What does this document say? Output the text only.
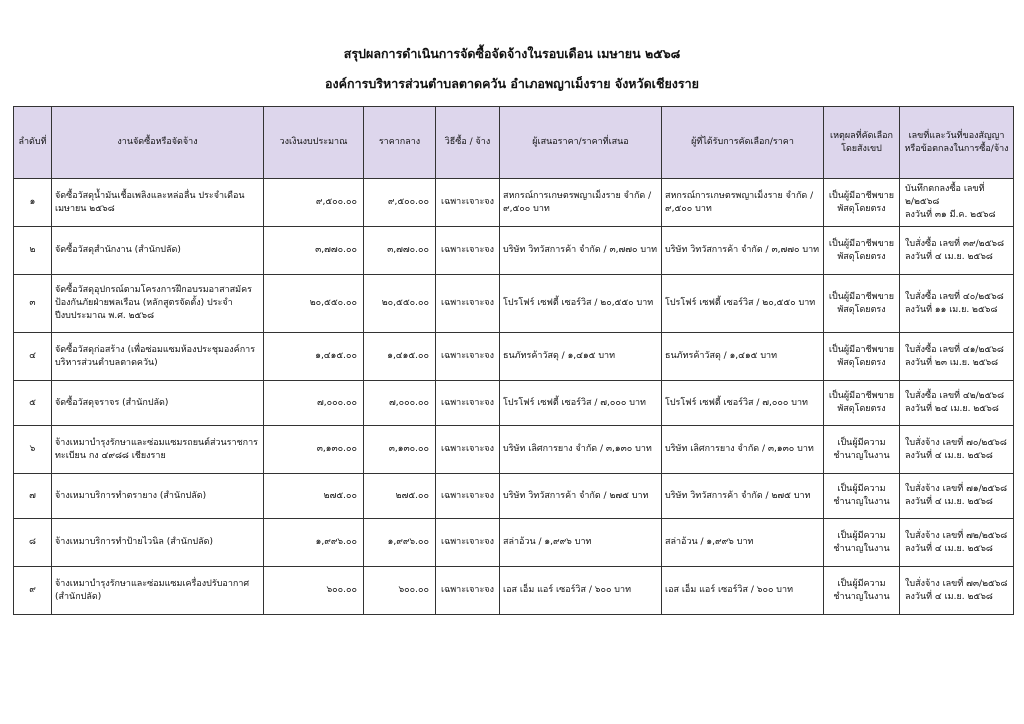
สรุปผลการดำเนินการจัดซื้อจัดจ้างในรอบเดือน เมษายน ๒๕๖๘
องค์การบริหารส่วนตำบลตาดควัน อำเภอพญาเม็งราย จังหวัดเชียงราย
ลำดับที่	งานจัดซื้อหรือจัดจ้าง	วงเงินงบประมาณ	ราคากลาง	วิธีซื้อ / จ้าง	ผู้เสนอราคา/ราคาที่เสนอ	ผู้ที่ได้รับการคัดเลือก/ราคา	เหตุผลที่คัดเลือกโดยสังเขป	เลขที่และวันที่ของสัญญาหรือข้อตกลงในการซื้อ/จ้าง
๑	จัดซื้อวัสดุน้ำมันเชื้อเพลิงและหล่อลื่น ประจำเดือน เมษายน ๒๕๖๘	๙,๕๐๐.๐๐	๙,๕๐๐.๐๐	เฉพาะเจาะจง	สหกรณ์การเกษตรพญาเม็งราย จำกัด / ๙,๕๐๐ บาท	สหกรณ์การเกษตรพญาเม็งราย จำกัด / ๙,๕๐๐ บาท	เป็นผู้มีอาชีพขายพัสดุโดยตรง	บันทึกตกลงซื้อ เลขที่ ๒/๒๕๖๘
ลงวันที่ ๓๑ มี.ค. ๒๕๖๘

๒	จัดซื้อวัสดุสำนักงาน (สำนักปลัด)	๓,๗๗๐.๐๐	๓,๗๗๐.๐๐	เฉพาะเจาะจง	บริษัท วิทวัสการค้า จำกัด / ๓,๗๗๐ บาท	บริษัท วิทวัสการค้า จำกัด / ๓,๗๗๐ บาท	เป็นผู้มีอาชีพขายพัสดุโดยตรง	ใบสั่งซื้อ เลขที่ ๓๙/๒๕๖๘
ลงวันที่ ๔ เม.ย. ๒๕๖๘

๓	จัดซื้อวัสดุอุปกรณ์ตามโครงการฝึกอบรมอาสาสมัครป้องกันภัยฝ่ายพลเรือน (หลักสูตรจัดตั้ง) ประจำปีงบประมาณ พ.ศ. ๒๕๖๘	๒๐,๕๕๐.๐๐	๒๐,๕๕๐.๐๐	เฉพาะเจาะจง	โปรโฟร์ เซฟตี้ เซอร์วิส / ๒๐,๕๕๐ บาท	โปรโฟร์ เซฟตี้ เซอร์วิส / ๒๐,๕๕๐ บาท	เป็นผู้มีอาชีพขายพัสดุโดยตรง	ใบสั่งซื้อ เลขที่ ๔๐/๒๕๖๘
ลงวันที่ ๑๑ เม.ย. ๒๕๖๘

๔	จัดซื้อวัสดุก่อสร้าง (เพื่อซ่อมแซมห้องประชุมองค์การบริหารส่วนตำบลตาดควัน)	๑,๔๑๕.๐๐	๑,๔๑๕.๐๐	เฉพาะเจาะจง	ธนภัทรค้าวัสดุ / ๑,๔๑๕ บาท	ธนภัทรค้าวัสดุ / ๑,๔๑๕ บาท	เป็นผู้มีอาชีพขายพัสดุโดยตรง	ใบสั่งซื้อ เลขที่ ๔๑/๒๕๖๘
ลงวันที่ ๒๓ เม.ย. ๒๕๖๘

๕	จัดซื้อวัสดุจราจร (สำนักปลัด)	๗,๐๐๐.๐๐	๗,๐๐๐.๐๐	เฉพาะเจาะจง	โปรโฟร์ เซฟตี้ เซอร์วิส / ๗,๐๐๐ บาท	โปรโฟร์ เซฟตี้ เซอร์วิส / ๗,๐๐๐ บาท	เป็นผู้มีอาชีพขายพัสดุโดยตรง	ใบสั่งซื้อ เลขที่ ๔๒/๒๕๖๘
ลงวันที่ ๒๔ เม.ย. ๒๕๖๘

๖	จ้างเหมาบำรุงรักษาและซ่อมแซมรถยนต์ส่วนราชการ ทะเบียน กง ๔๙๘๘ เชียงราย	๓,๑๓๐.๐๐	๓,๑๓๐.๐๐	เฉพาะเจาะจง	บริษัท เลิศการยาง จำกัด / ๓,๑๓๐ บาท	บริษัท เลิศการยาง จำกัด / ๓,๑๓๐ บาท	เป็นผู้มีความชำนาญในงาน	ใบสั่งจ้าง เลขที่ ๗๐/๒๕๖๘
ลงวันที่ ๔ เม.ย. ๒๕๖๘

๗	จ้างเหมาบริการทำตรายาง (สำนักปลัด)	๒๗๕.๐๐	๒๗๕.๐๐	เฉพาะเจาะจง	บริษัท วิทวัสการค้า จำกัด / ๒๗๕ บาท	บริษัท วิทวัสการค้า จำกัด / ๒๗๕ บาท	เป็นผู้มีความชำนาญในงาน	ใบสั่งจ้าง เลขที่ ๗๑/๒๕๖๘
ลงวันที่ ๔ เม.ย. ๒๕๖๘

๘	จ้างเหมาบริการทำป้ายไวนิล (สำนักปลัด)	๑,๙๙๖.๐๐	๑,๙๙๖.๐๐	เฉพาะเจาะจง	สล่าอ้วน / ๑,๙๙๖ บาท	สล่าอ้วน / ๑,๙๙๖ บาท	เป็นผู้มีความชำนาญในงาน	ใบสั่งจ้าง เลขที่ ๗๒/๒๕๖๘
ลงวันที่ ๔ เม.ย. ๒๕๖๘

๙	จ้างเหมาบำรุงรักษาและซ่อมแซมเครื่องปรับอากาศ (สำนักปลัด)	๖๐๐.๐๐	๖๐๐.๐๐	เฉพาะเจาะจง	เอส เอ็ม แอร์ เซอร์วิส / ๖๐๐ บาท	เอส เอ็ม แอร์ เซอร์วิส / ๖๐๐ บาท	เป็นผู้มีความชำนาญในงาน	ใบสั่งจ้าง เลขที่ ๗๓/๒๕๖๘
ลงวันที่ ๔ เม.ย. ๒๕๖๘
